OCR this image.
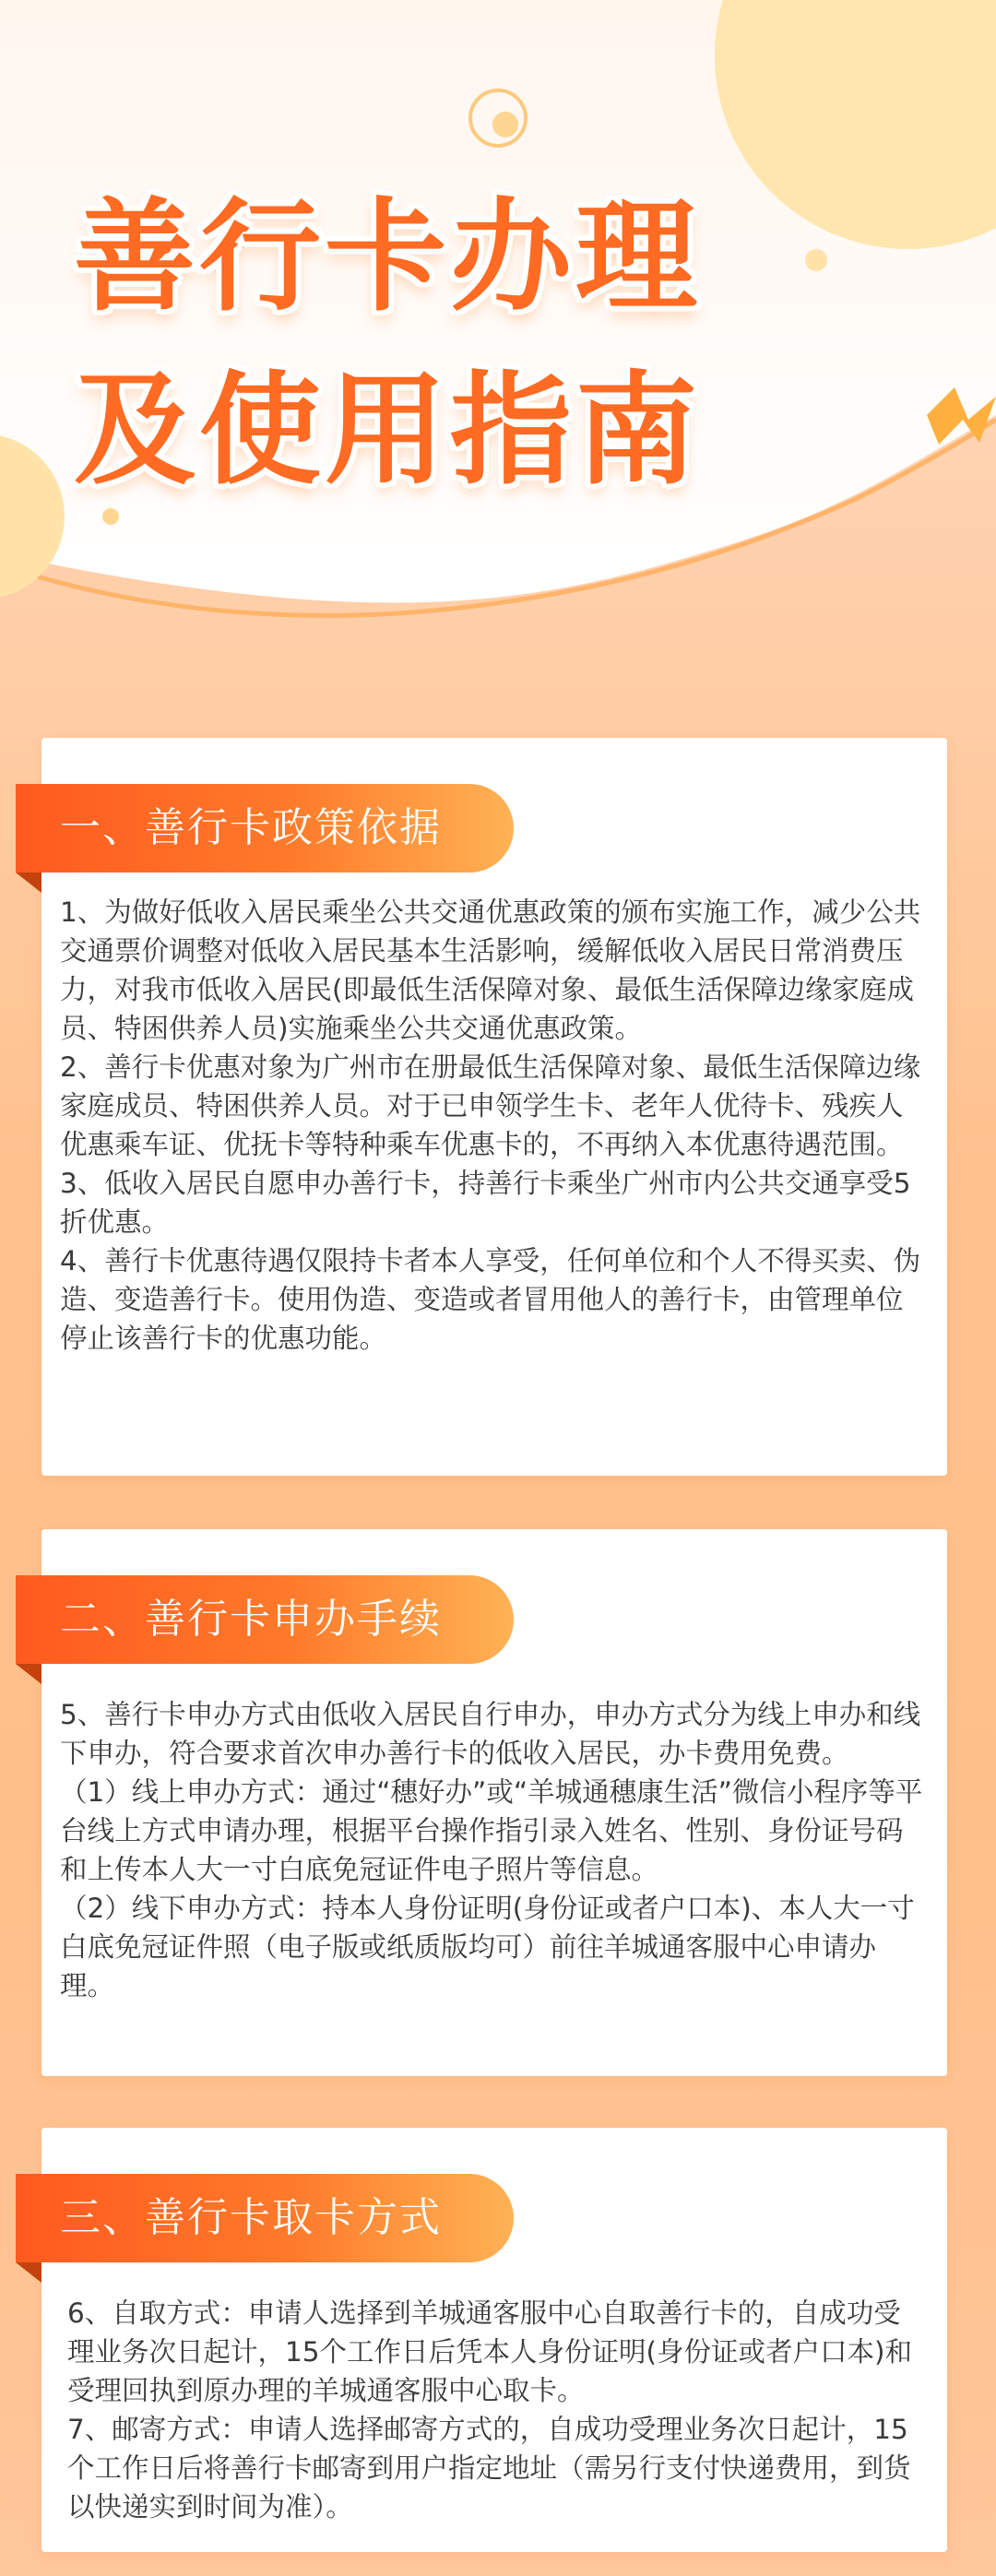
善行卡办理
及使用指南
一、善行卡政策依据

1、为做好低收入居民乘坐公共交通优惠政策的颁布实施工作，减少公共交通票价调整对低收入居民基本生活影响，缓解低收入居民日常消费压力，对我市低收入居民(即最低生活保障对象、最低生活保障边缘家庭成员、特困供养人员)实施乘坐公共交通优惠政策。

2、善行卡优惠对象为广州市在册最低生活保障对象、最低生活保障边缘家庭成员、特困供养人员。对于已申领学生卡、老年人优待卡、残疾人优惠乘车证、优抚卡等特种乘车优惠卡的，不再纳入本优惠待遇范围。

3、低收入居民自愿申办善行卡，持善行卡乘坐广州市内公共交通享受5折优惠。

4、善行卡优惠待遇仅限持卡者本人享受，任何单位和个人不得买卖、伪造、变造善行卡。使用伪造、变造或者冒用他人的善行卡，由管理单位停止该善行卡的优惠功能。

二、善行卡申办手续

5、善行卡申办方式由低收入居民自行申办，申办方式分为线上申办和线下申办，符合要求首次申办善行卡的低收入居民，办卡费用免费。

（1）线上申办方式：通过“穗好办”或“羊城通穗康生活”微信小程序等平台线上方式申请办理，根据平台操作指引录入姓名、性别、身份证号码和上传本人大一寸白底免冠证件电子照片等信息。

（2）线下申办方式：持本人身份证明(身份证或者户口本)、本人大一寸白底免冠证件照（电子版或纸质版均可）前往羊城通客服中心申请办理。

三、善行卡取卡方式

6、自取方式：申请人选择到羊城通客服中心自取善行卡的，自成功受理业务次日起计，15个工作日后凭本人身份证明(身份证或者户口本)和受理回执到原办理的羊城通客服中心取卡。

7、邮寄方式：申请人选择邮寄方式的，自成功受理业务次日起计，15个工作日后将善行卡邮寄到用户指定地址（需另行支付快递费用，到货以快递实到时间为准）。
